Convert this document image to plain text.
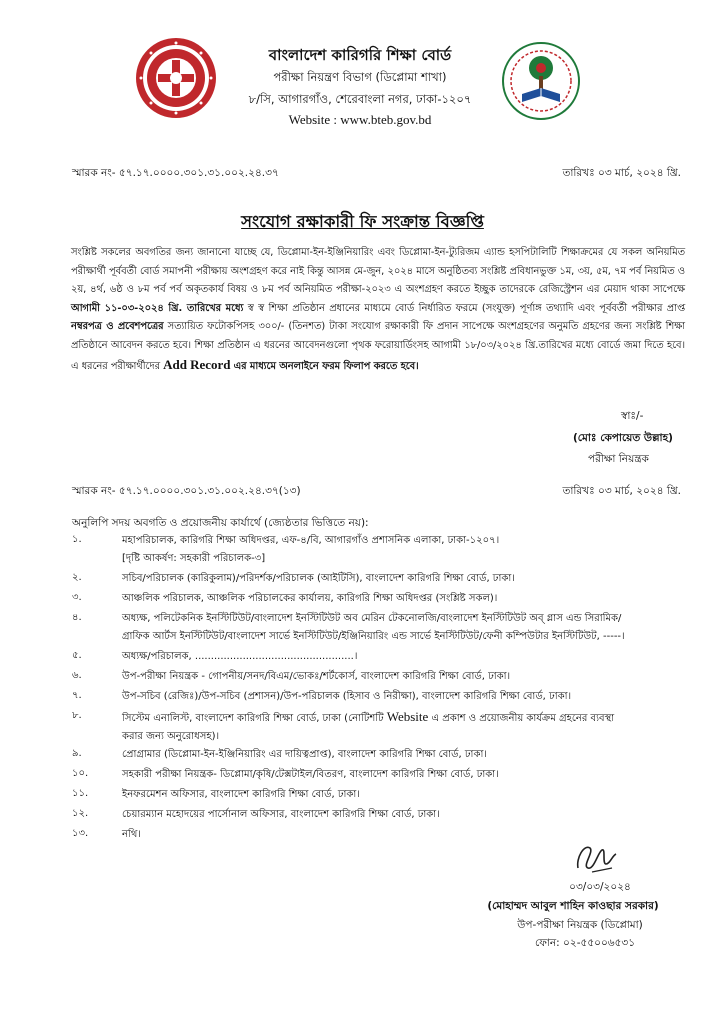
বাংলাদেশ কারিগরি শিক্ষা বোর্ড
পরীক্ষা নিয়ন্ত্রণ বিভাগ (ডিপ্লোমা শাখা)
৮/সি, আগারগাঁও, শেরেবাংলা নগর, ঢাকা-১২০৭
Website : www.bteb.gov.bd
স্মারক নং- ৫৭.১৭.০০০০.৩০১.৩১.০০২.২৪.৩৭	তারিখঃ ০৩ মার্চ, ২০২৪ খ্রি.
সংযোগ রক্ষাকারী ফি সংক্রান্ত বিজ্ঞপ্তি
সংশ্লিষ্ট সকলের অবগতির জন্য জানানো যাচ্ছে যে, ডিপ্লোমা-ইন-ইঞ্জিনিয়ারিং এবং ডিপ্লোমা-ইন-ট্যুরিজম এ্যান্ড হসপিটালিটি শিক্ষাক্রমের যে সকল অনিয়মিত পরীক্ষার্থী পূর্ববর্তী বোর্ড সমাপনী পরীক্ষায় অংশগ্রহণ করে নাই কিন্তু আসন্ন মে-জুন, ২০২৪ মাসে অনুষ্ঠিতব্য সংশ্লিষ্ট প্রবিধানভুক্ত ১ম, ৩য়, ৫ম, ৭ম পর্ব নিয়মিত ও ২য়, ৪র্থ, ৬ষ্ঠ ও ৮ম পর্ব পর্ব অকৃতকার্য বিষয় ও ৮ম পর্ব অনিয়মিত পরীক্ষা-২০২৩ এ অংশগ্রহণ করতে ইচ্ছুক তাদেরকে রেজিস্ট্রেশন এর মেয়াদ থাকা সাপেক্ষে আগামী ১১-০৩-২০২৪ খ্রি. তারিখের মধ্যে স্ব স্ব শিক্ষা প্রতিষ্ঠান প্রধানের মাধ্যমে বোর্ড নির্ধারিত ফরমে (সংযুক্ত) পূর্ণাঙ্গ তথ্যাদি এবং পূর্ববর্তী পরীক্ষার প্রাপ্ত নম্বরপত্র ও প্রবেশপত্রের সত্যায়িত ফটোকপিসহ ৩০০/- (তিনশত) টাকা সংযোগ রক্ষাকারী ফি প্রদান সাপেক্ষে অংশগ্রহণের অনুমতি গ্রহণের জন্য সংশ্লিষ্ট শিক্ষা প্রতিষ্ঠানে আবেদন করতে হবে। শিক্ষা প্রতিষ্ঠান এ ধরনের আবেদনগুলো পৃথক ফরোয়ার্ডিংসহ আগামী ১৮/০৩/২০২৪ খ্রি.তারিখের মধ্যে বোর্ডে জমা দিতে হবে। এ ধরনের পরীক্ষার্থীদের Add Record এর মাধ্যমে অনলাইনে ফরম ফিলাপ করতে হবে।
স্বাঃ/-
(মোঃ কেপায়েত উল্লাহ)
পরীক্ষা নিয়ন্ত্রক
স্মারক নং- ৫৭.১৭.০০০০.৩০১.৩১.০০২.২৪.৩৭(১৩)	তারিখঃ ০৩ মার্চ, ২০২৪ খ্রি.
অনুলিপি সদয় অবগতি ও প্রয়োজনীয় কার্যার্থে (জ্যেষ্ঠতার ভিত্তিতে নয়):
১.	মহাপরিচালক, কারিগরি শিক্ষা অধিদপ্তর, এফ-৪/বি, আগারগাঁও প্রশাসনিক এলাকা, ঢাকা-১২০৭।
[দৃষ্টি আকর্ষণ: সহকারী পরিচালক-৩]
২.	সচিব/পরিচালক (কারিকুলাম)/পরিদর্শক/পরিচালক (আইটিসি), বাংলাদেশ কারিগরি শিক্ষা বোর্ড, ঢাকা।
৩.	আঞ্চলিক পরিচালক, আঞ্চলিক পরিচালকের কার্যালয়, কারিগরি শিক্ষা অধিদপ্তর (সংশ্লিষ্ট সকল)।
৪.	অধ্যক্ষ, পলিটেকনিক ইনস্টিটিউট/বাংলাদেশ ইনস্টিটিউট অব মেরিন টেকনোলজি/বাংলাদেশ ইনস্টিটিউট অব্ গ্লাস এন্ড সিরামিক/
গ্রাফিক আর্টস ইনস্টিটিউট/বাংলাদেশ সার্ভে ইনস্টিটিউট/ইঞ্জিনিয়ারিং এন্ড সার্ভে ইনস্টিটিউট/ফেনী কম্পিউটার ইনস্টিটিউট, -----।
৫.	অধ্যক্ষ/পরিচালক, ..................................................।
৬.	উপ-পরীক্ষা নিয়ন্ত্রক - গোপনীয়/সনদ/বিএম/ভোকঃ/শর্টকোর্স, বাংলাদেশ কারিগরি শিক্ষা বোর্ড, ঢাকা।
৭.	উপ-সচিব (রেজিঃ)/উপ-সচিব (প্রশাসন)/উপ-পরিচালক (হিসাব ও নিরীক্ষা), বাংলাদেশ কারিগরি শিক্ষা বোর্ড, ঢাকা।
৮.	সিস্টেম এনালিস্ট, বাংলাদেশ কারিগরি শিক্ষা বোর্ড, ঢাকা (নোটিশটি Website এ প্রকাশ ও প্রয়োজনীয় কার্যক্রম গ্রহনের ব্যবস্থা
করার জন্য অনুরোধসহ)।
৯.	প্রোগ্রামার (ডিপ্লোমা-ইন-ইঞ্জিনিয়ারিং এর দায়িত্বপ্রাপ্ত), বাংলাদেশ কারিগরি শিক্ষা বোর্ড, ঢাকা।
১০.	সহকারী পরীক্ষা নিয়ন্ত্রক- ডিপ্লোমা/কৃষি/টেক্সটাইল/বিতরণ, বাংলাদেশ কারিগরি শিক্ষা বোর্ড, ঢাকা।
১১.	ইনফরমেশন অফিসার, বাংলাদেশ কারিগরি শিক্ষা বোর্ড, ঢাকা।
১২.	চেয়ারম্যান মহোদয়ের পার্সোনাল অফিসার, বাংলাদেশ কারিগরি শিক্ষা বোর্ড, ঢাকা।
১৩.	নথি।
০৩/০৩/২০২৪
(মোহাম্মদ আবুল শাহিন কাওছার সরকার)
উপ-পরীক্ষা নিয়ন্ত্রক (ডিপ্লোমা)
ফোন: ০২-৫৫০০৬৫৩১
